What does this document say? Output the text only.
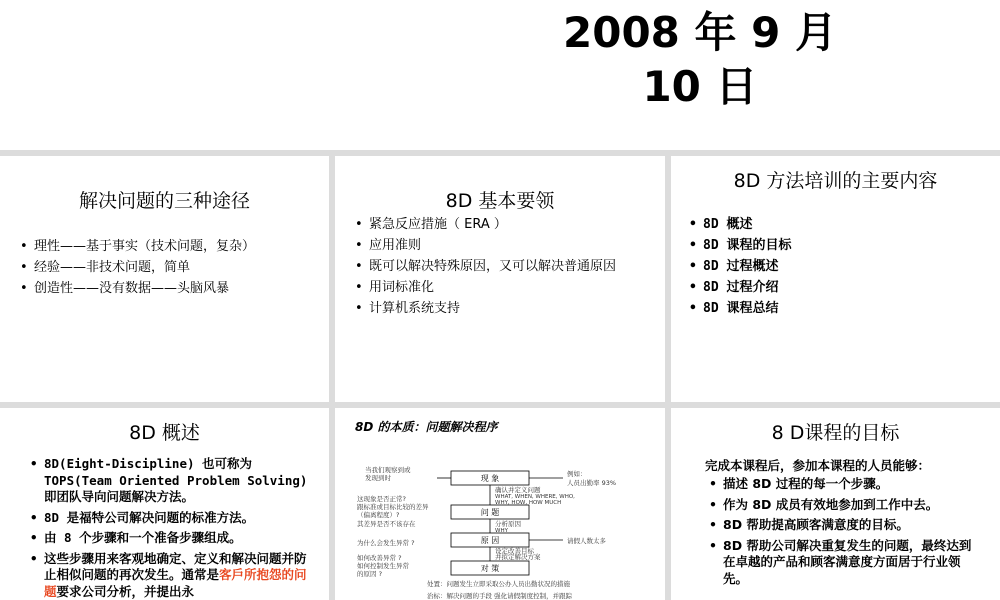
2008 年 9 月
10 日
解决问题的三种途径
• 理性——基于事实（技术问题，复杂）
• 经验——非技术问题，简单
• 创造性——没有数据——头脑风暴
8D 基本要领
• 紧急反应措施（ ERA ）
• 应用准则
• 既可以解决特殊原因，又可以解决普通原因
• 用词标准化
• 计算机系统支持
8D 方法培训的主要内容
• 8D 概述
• 8D 课程的目标
• 8D 过程概述
• 8D 过程介绍
• 8D 课程总结
8D 概述
• 8D(Eight-Discipline) 也可称为TOPS(Team Oriented Problem Solving)即团队导向问题解决方法。
• 8D 是福特公司解决问题的标准方法。
• 由 8 个步骤和一个准备步骤组成。
• 这些步骤用来客观地确定、定义和解决问题并防止相似问题的再次发生。通常是客戶所抱怨的问题要求公司分析，并提出永
8D 的本质：问题解决程序
现 象
问 题
原 因
对 策
当我们观察到或
发现到时
这现象是否正常?
跟标准或目标比较的差异
（偏离程度）?
其差异是否不该存在
为什么会发生异常 ?
如何改善异常 ?
如何控制发生异常
的原因 ?
确认并定义问题
WHAT, WHEN, WHERE, WHO,
WHY, HOW, HOW MUCH
分析原因
WHY
设定改善目标
并拟定解决方案
例如：
人员出勤率 93%
请假人数太多
处置：问题发生立即采取公办人员出勤状况的措施
治标：解决问题的手段 强化请假制度控制，并跟踪
8 D课程的目标
完成本课程后，参加本课程的人员能够：
• 描述 8D 过程的每一个步骤。
• 作为 8D 成员有效地参加到工作中去。
• 8D 帮助提高顾客满意度的目标。
• 8D 帮助公司解决重复发生的问题，最终达到在卓越的产品和顾客满意度方面居于行业领先。
